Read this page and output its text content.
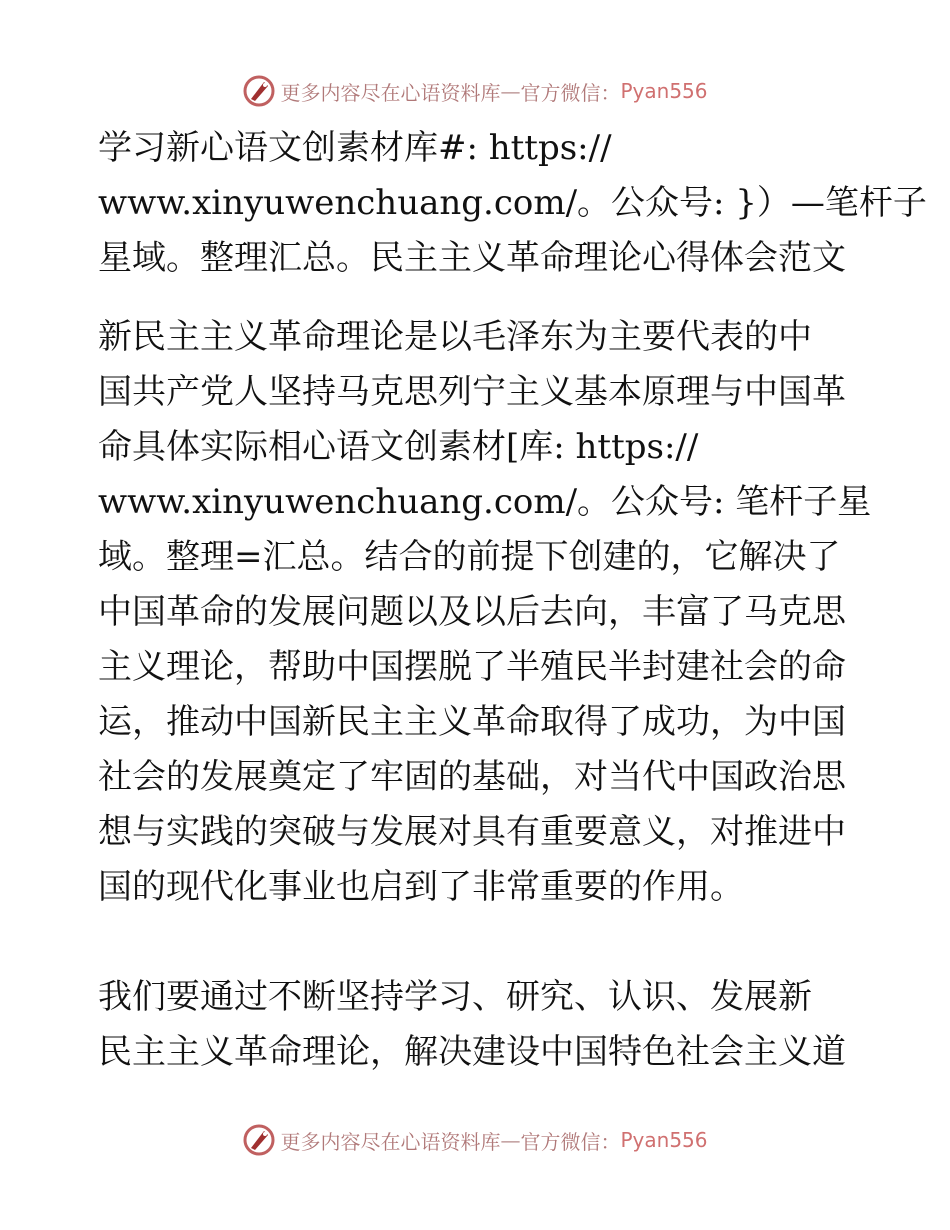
更多内容尽在心语资料库 — 官方微信： Pyan556
学习新心语文创素材库#: https://
www.xinyuwenchuang.com/。公众号: }）—笔杆子
星域。整理汇总。民主主义革命理论心得体会范文
新民主主义革命理论是以毛泽东为主要代表的中
国共产党人坚持马克思列宁主义基本原理与中国革
命具体实际相心语文创素材[库: https://
www.xinyuwenchuang.com/。公众号: 笔杆子星
域。整理=汇总。结合的前提下创建的，它解决了
中国革命的发展问题以及以后去向，丰富了马克思
主义理论，帮助中国摆脱了半殖民半封建社会的命
运，推动中国新民主主义革命取得了成功，为中国
社会的发展奠定了牢固的基础，对当代中国政治思
想与实践的突破与发展对具有重要意义，对推进中
国的现代化事业也启到了非常重要的作用。
我们要通过不断坚持学习、研究、认识、发展新
民主主义革命理论，解决建设中国特色社会主义道
更多内容尽在心语资料库 — 官方微信： Pyan556
